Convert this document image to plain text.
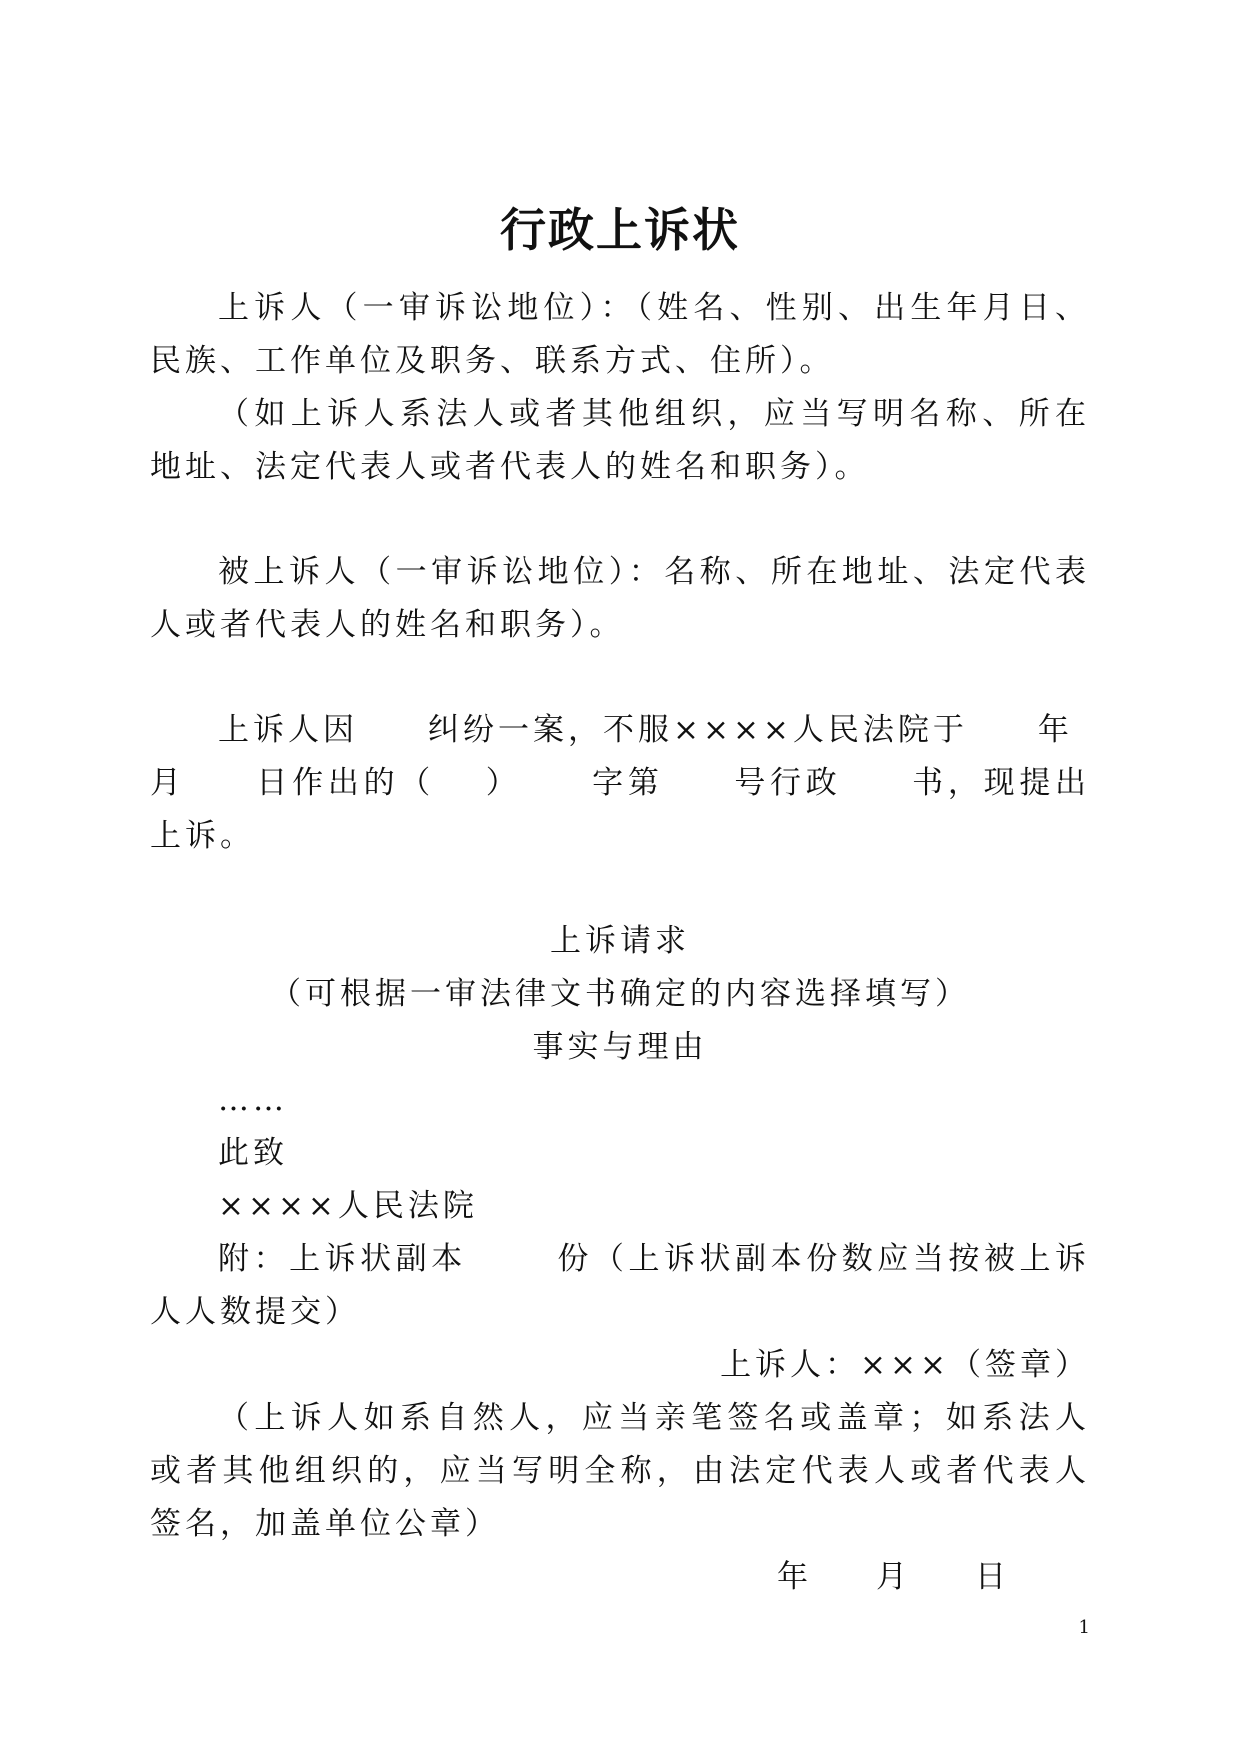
行政上诉状

上诉人（一审诉讼地位）：（姓名、性别、出生年月日、民族、工作单位及职务、联系方式、住所）。

（如上诉人系法人或者其他组织，应当写明名称、所在地址、法定代表人或者代表人的姓名和职务）。

被上诉人（一审诉讼地位）：名称、所在地址、法定代表人或者代表人的姓名和职务）。

上诉人因 纠纷一案，不服××××人民法院于 年
月 日作出的（ ） 字第 号行政 书，现提出上诉。

上诉请求

（可根据一审法律文书确定的内容选择填写）

事实与理由

……

此致

××××人民法院

附：上诉状副本	份（上诉状副本份数应当按被上诉人人数提交）

上诉人：×××（签章）

（上诉人如系自然人，应当亲笔签名或盖章；如系法人或者其他组织的，应当写明全称，由法定代表人或者代表人签名，加盖单位公章）

年 月 日

1
